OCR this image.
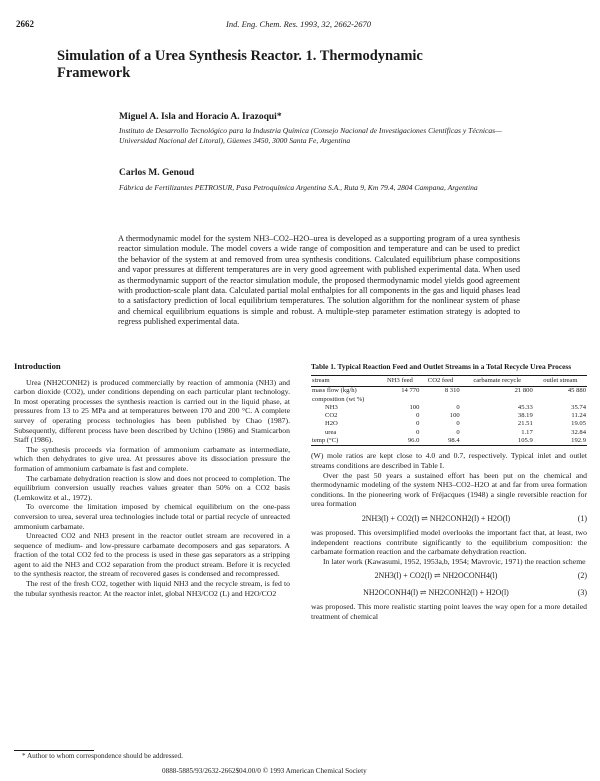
2662	Ind. Eng. Chem. Res. 1993, 32, 2662-2670
Simulation of a Urea Synthesis Reactor. 1. Thermodynamic Framework
Miguel A. Isla and Horacio A. Irazoqui*
Instituto de Desarrollo Tecnológico para la Industria Química (Consejo Nacional de Investigaciones Científicas y Técnicas—Universidad Nacional del Litoral), Güemes 3450, 3000 Santa Fe, Argentina
Carlos M. Genoud
Fábrica de Fertilizantes PETROSUR, Pasa Petroquímica Argentina S.A., Ruta 9, Km 79.4, 2804 Campana, Argentina
A thermodynamic model for the system NH3–CO2–H2O–urea is developed as a supporting program of a urea synthesis reactor simulation module. The model covers a wide range of composition and temperature and can be used to predict the behavior of the system at and removed from urea synthesis conditions. Calculated equilibrium phase compositions and vapor pressures at different temperatures are in very good agreement with published experimental data. When used as thermodynamic support of the reactor simulation module, the proposed thermodynamic model yields good agreement with production-scale plant data. Calculated partial molal enthalpies for all components in the gas and liquid phases lead to a satisfactory prediction of local equilibrium temperatures. The solution algorithm for the nonlinear system of phase and chemical equilibrium equations is simple and robust. A multiple-step parameter estimation strategy is adopted to regress published experimental data.
Introduction

Urea (NH2CONH2) is produced commercially by reaction of ammonia (NH3) and carbon dioxide (CO2), under conditions depending on each particular plant technology. In most operating processes the synthesis reaction is carried out in the liquid phase, at pressures from 13 to 25 MPa and at temperatures between 170 and 200 °C. A complete survey of operating process technologies has been published by Chao (1987). Subsequently, different process have been described by Uchino (1986) and Stamicarbon Staff (1986).

The synthesis proceeds via formation of ammonium carbamate as intermediate, which then dehydrates to give urea. At pressures above its dissociation pressure the formation of ammonium carbamate is fast and complete.

The carbamate dehydration reaction is slow and does not proceed to completion. The equilibrium conversion usually reaches values greater than 50% on a CO2 basis (Lemkowitz et al., 1972).

To overcome the limitation imposed by chemical equilibrium on the one-pass conversion to urea, several urea technologies include total or partial recycle of unreacted ammonium carbamate.

Unreacted CO2 and NH3 present in the reactor outlet stream are recovered in a sequence of medium- and low-pressure carbamate decomposers and gas separators. A fraction of the total CO2 fed to the process is used in these gas separators as a stripping agent to aid the NH3 and CO2 separation from the product stream. Before it is recycled to the synthesis reactor, the stream of recovered gases is condensed and recompressed.

The rest of the fresh CO2, together with liquid NH3 and the recycle stream, is fed to the tubular synthesis reactor. At the reactor inlet, global NH3/CO2 (L) and H2O/CO2

Table 1. Typical Reaction Feed and Outlet Streams in a Total Recycle Urea Process
stream	NH3 feed	CO2 feed	carbamate recycle	outlet stream
mass flow (kg/h)	14 770	8 310	21 800	45 880
composition (wt %)				
NH3	100	0	45.33	35.74
CO2	0	100	38.19	11.24
H2O	0	0	21.51	19.05
urea	0	0	1.17	32.84
temp (°C)	96.0	98.4	105.9	192.9

(W) mole ratios are kept close to 4.0 and 0.7, respectively. Typical inlet and outlet streams conditions are described in Table I.

Over the past 50 years a sustained effort has been put on the chemical and thermodynamic modeling of the system NH3–CO2–H2O at and far from urea formation conditions. In the pioneering work of Fréjacques (1948) a single reversible reaction for urea formation

2NH3(l) + CO2(l) ⇌ NH2CONH2(l) + H2O(l)	(1)

was proposed. This oversimplified model overlooks the important fact that, at least, two independent reactions contribute significantly to the equilibrium composition: the carbamate formation reaction and the carbamate dehydration reaction.

In later work (Kawasumi, 1952, 1953a,b, 1954; Mavrovic, 1971) the reaction scheme

2NH3(l) + CO2(l) ⇌ NH2OCONH4(l)	(2)
NH2OCONH4(l) ⇌ NH2CONH2(l) + H2O(l)	(3)

was proposed. This more realistic starting point leaves the way open for a more detailed treatment of chemical

* Author to whom correspondence should be addressed.
0888-5885/93/2632-2662$04.00/0 © 1993 American Chemical Society
